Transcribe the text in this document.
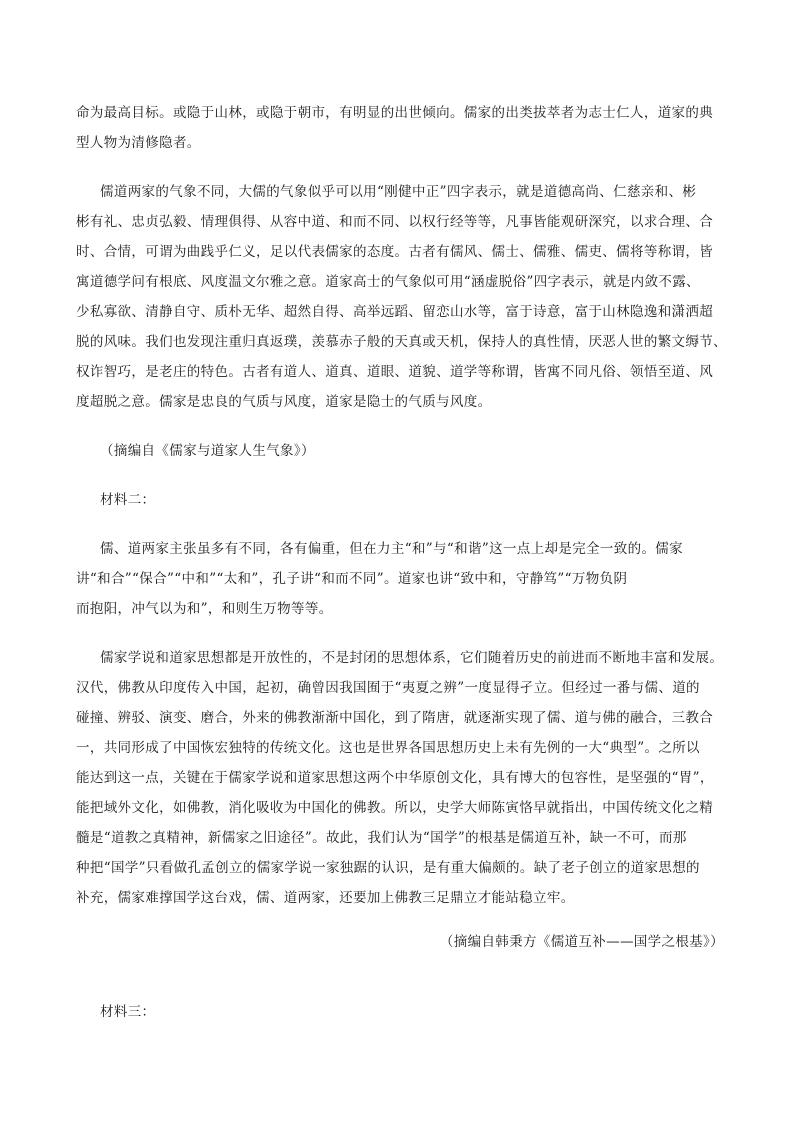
命为最高目标。或隐于山林，或隐于朝市，有明显的出世倾向。儒家的出类拔萃者为志士仁人，道家的典
型人物为清修隐者。
儒道两家的气象不同，大儒的气象似乎可以用“刚健中正”四字表示，就是道德高尚、仁慈亲和、彬
彬有礼、忠贞弘毅、情理俱得、从容中道、和而不同、以权行经等等，凡事皆能观研深究，以求合理、合
时、合情，可谓为曲践乎仁义，足以代表儒家的态度。古者有儒风、儒士、儒雅、儒吏、儒将等称谓，皆
寓道德学问有根底、风度温文尔雅之意。道家高士的气象似可用“涵虚脱俗”四字表示，就是内敛不露、
少私寡欲、清静自守、质朴无华、超然自得、高举远蹈、留恋山水等，富于诗意，富于山林隐逸和潇洒超
脱的风味。我们也发现注重归真返璞，羡慕赤子般的天真或天机，保持人的真性情，厌恶人世的繁文缛节、
权诈智巧，是老庄的特色。古者有道人、道真、道眼、道貌、道学等称谓，皆寓不同凡俗、领悟至道、风
度超脱之意。儒家是忠良的气质与风度，道家是隐士的气质与风度。
（摘编自《儒家与道家人生气象》）
材料二：
儒、道两家主张虽多有不同，各有偏重，但在力主“和”与“和谐”这一点上却是完全一致的。儒家
讲“和合”“保合”“中和”“太和”，孔子讲“和而不同”。道家也讲“致中和，守静笃”“万物负阴
而抱阳，冲气以为和”，和则生万物等等。
儒家学说和道家思想都是开放性的，不是封闭的思想体系，它们随着历史的前进而不断地丰富和发展。
汉代，佛教从印度传入中国，起初，确曾因我国囿于“夷夏之辨”一度显得孑立。但经过一番与儒、道的
碰撞、辨驳、演变、磨合，外来的佛教渐渐中国化，到了隋唐，就逐渐实现了儒、道与佛的融合，三教合
一，共同形成了中国恢宏独特的传统文化。这也是世界各国思想历史上未有先例的一大“典型”。之所以
能达到这一点，关键在于儒家学说和道家思想这两个中华原创文化，具有博大的包容性，是坚强的“胃”，
能把域外文化，如佛教，消化吸收为中国化的佛教。所以，史学大师陈寅恪早就指出，中国传统文化之精
髓是“道教之真精神，新儒家之旧途径”。故此，我们认为“国学”的根基是儒道互补，缺一不可，而那
种把“国学”只看做孔孟创立的儒家学说一家独踞的认识，是有重大偏颇的。缺了老子创立的道家思想的
补充，儒家难撑国学这台戏，儒、道两家，还要加上佛教三足鼎立才能站稳立牢。
（摘编自韩秉方《儒道互补——国学之根基》）
材料三：
